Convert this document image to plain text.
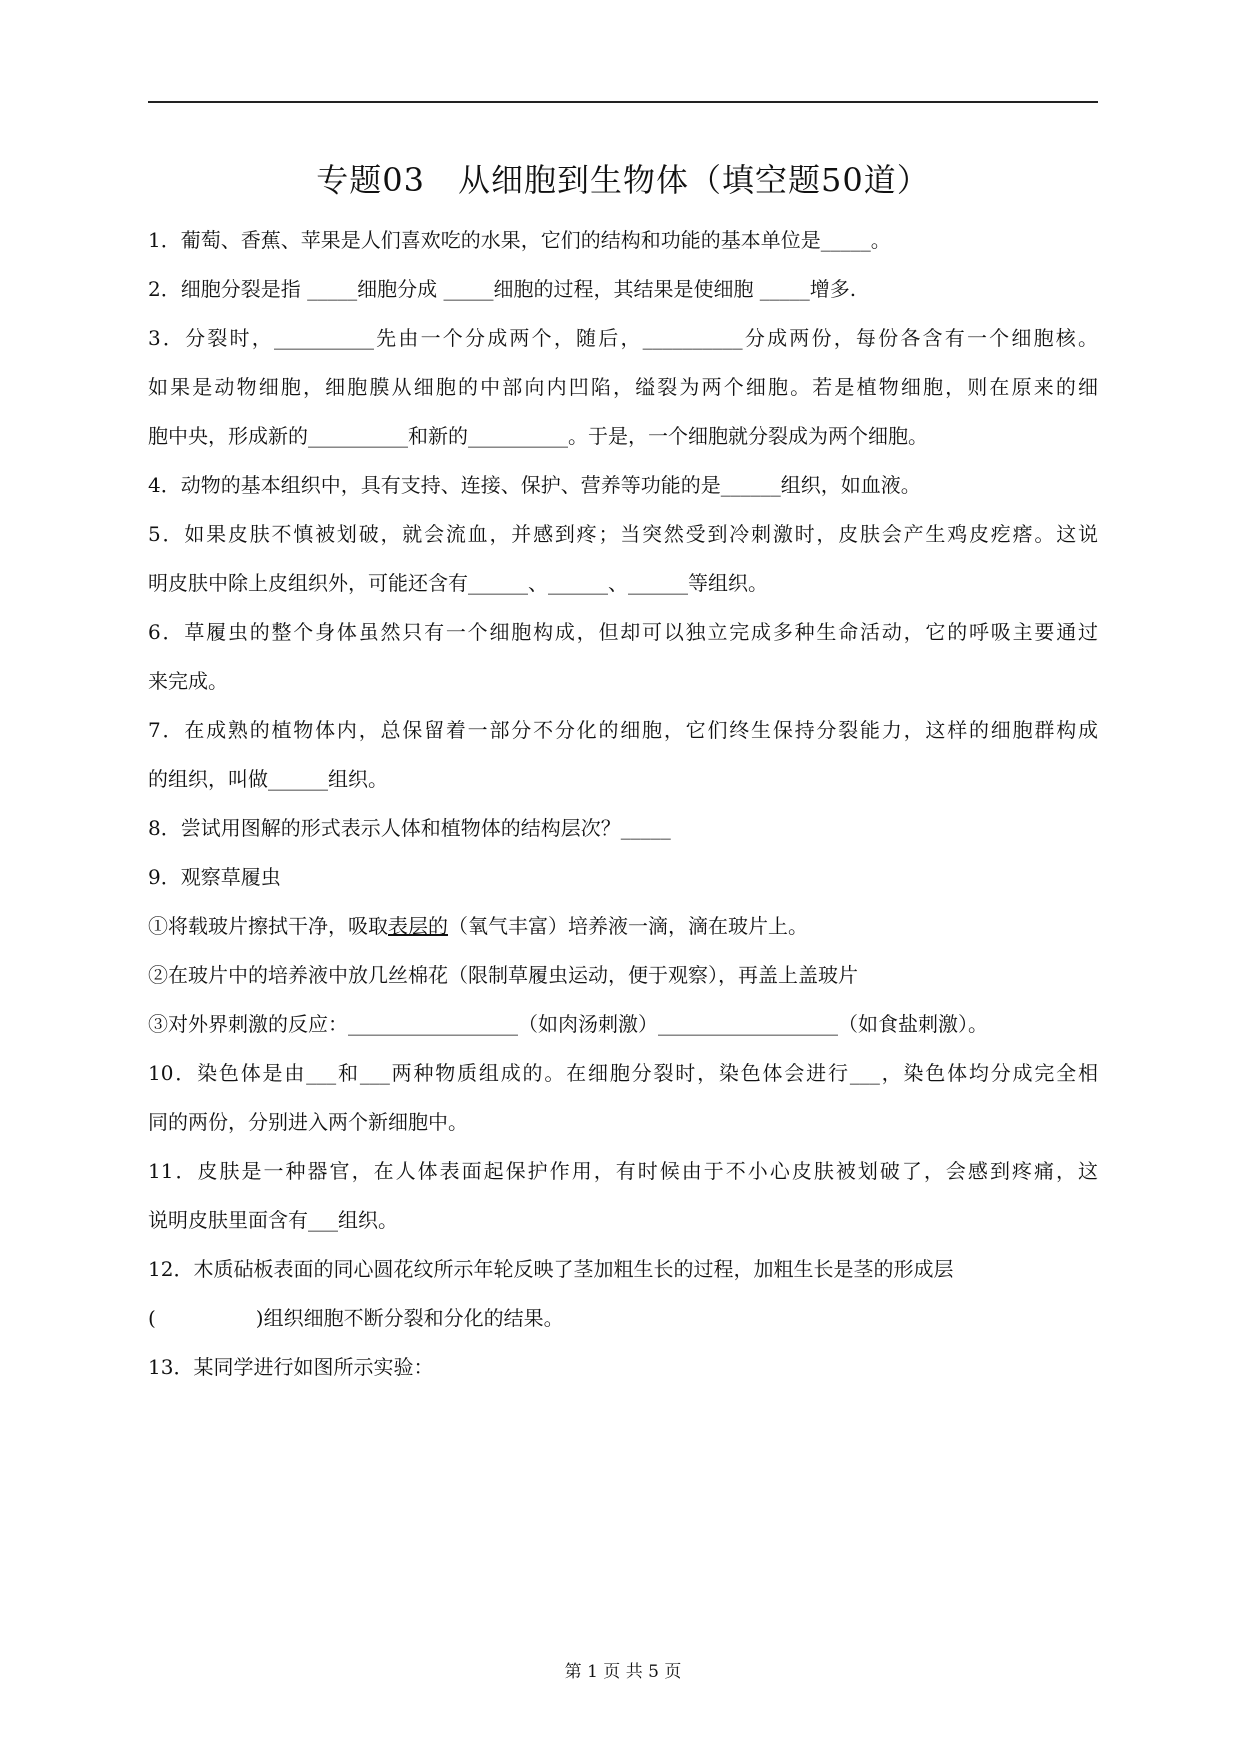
专题03　从细胞到生物体（填空题50道）
1．葡萄、香蕉、苹果是人们喜欢吃的水果，它们的结构和功能的基本单位是_____。
2．细胞分裂是指 _____细胞分成 _____细胞的过程，其结果是使细胞 _____增多.
3．分裂时，__________先由一个分成两个，随后，__________分成两份，每份各含有一个细胞核。
如果是动物细胞，细胞膜从细胞的中部向内凹陷，缢裂为两个细胞。若是植物细胞，则在原来的细
胞中央，形成新的__________和新的__________。于是，一个细胞就分裂成为两个细胞。
4．动物的基本组织中，具有支持、连接、保护、营养等功能的是______组织，如血液。
5．如果皮肤不慎被划破，就会流血，并感到疼；当突然受到冷刺激时，皮肤会产生鸡皮疙瘩。这说
明皮肤中除上皮组织外，可能还含有______、______、______等组织。
6．草履虫的整个身体虽然只有一个细胞构成，但却可以独立完成多种生命活动，它的呼吸主要通过
来完成。
7．在成熟的植物体内，总保留着一部分不分化的细胞，它们终生保持分裂能力，这样的细胞群构成
的组织，叫做______组织。
8．尝试用图解的形式表示人体和植物体的结构层次？_____
9．观察草履虫
①将载玻片擦拭干净，吸取表层的（氧气丰富）培养液一滴，滴在玻片上。
②在玻片中的培养液中放几丝棉花（限制草履虫运动，便于观察），再盖上盖玻片
③对外界刺激的反应：_________________（如肉汤刺激）__________________（如食盐刺激）。
10．染色体是由___和___两种物质组成的。在细胞分裂时，染色体会进行___，染色体均分成完全相
同的两份，分别进入两个新细胞中。
11．皮肤是一种器官，在人体表面起保护作用，有时候由于不小心皮肤被划破了，会感到疼痛，这
说明皮肤里面含有___组织。
12．木质砧板表面的同心圆花纹所示年轮反映了茎加粗生长的过程，加粗生长是茎的形成层
(　　　　　)组织细胞不断分裂和分化的结果。
13．某同学进行如图所示实验：
第 1 页 共 5 页
